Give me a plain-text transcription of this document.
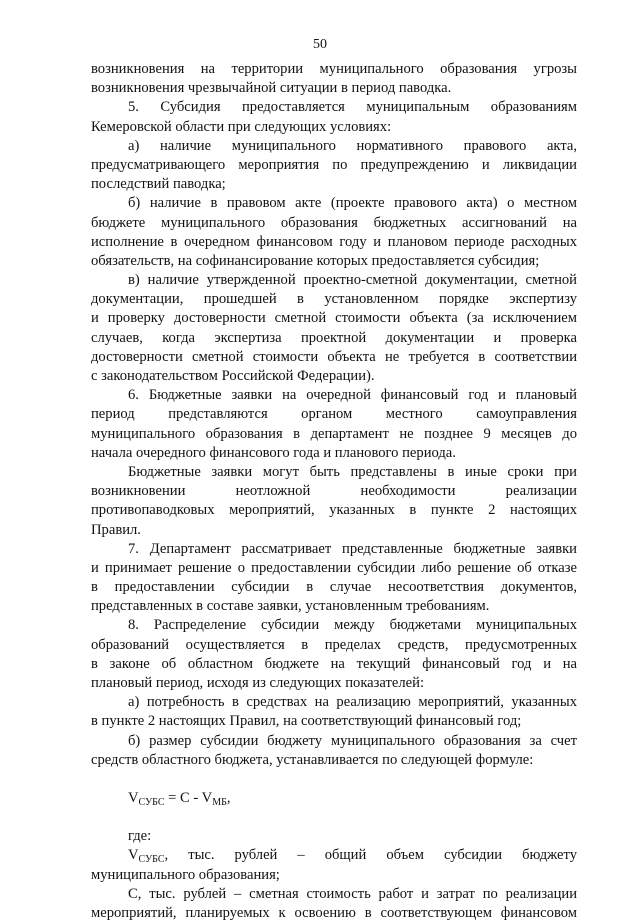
50
возникновения на территории муниципального образования угрозы
возникновения чрезвычайной ситуации в период паводка.
5. Субсидия предоставляется муниципальным образованиям
Кемеровской области при следующих условиях:
а) наличие муниципального нормативного правового акта,
предусматривающего мероприятия по предупреждению и ликвидации
последствий паводка;
б) наличие в правовом акте (проекте правового акта) о местном
бюджете муниципального образования бюджетных ассигнований на
исполнение в очередном финансовом году и плановом периоде расходных
обязательств, на софинансирование которых предоставляется субсидия;
в) наличие утвержденной проектно-сметной документации, сметной
документации, прошедшей в установленном порядке экспертизу
и проверку достоверности сметной стоимости объекта (за исключением
случаев, когда экспертиза проектной документации и проверка
достоверности сметной стоимости объекта не требуется в соответствии
с законодательством Российской Федерации).
6. Бюджетные заявки на очередной финансовый год и плановый
период представляются органом местного самоуправления
муниципального образования в департамент не позднее 9 месяцев до
начала очередного финансового года и планового периода.
Бюджетные заявки могут быть представлены в иные сроки при
возникновении неотложной необходимости реализации
противопаводковых мероприятий, указанных в пункте 2 настоящих
Правил.
7. Департамент рассматривает представленные бюджетные заявки
и принимает решение о предоставлении субсидии либо решение об отказе
в предоставлении субсидии в случае несоответствия документов,
представленных в составе заявки, установленным требованиям.
8. Распределение субсидии между бюджетами муниципальных
образований осуществляется в пределах средств, предусмотренных
в законе об областном бюджете на текущий финансовый год и на
плановый период, исходя из следующих показателей:
а) потребность в средствах на реализацию мероприятий, указанных
в пункте 2 настоящих Правил, на соответствующий финансовый год;
б) размер субсидии бюджету муниципального образования за счет
средств областного бюджета, устанавливается по следующей формуле:
$V_{СУБС} = C - V_{МБ}$,
где:
$V_{СУБС}$, тыс. рублей – общий объем субсидии бюджету
муниципального образования;
С, тыс. рублей – сметная стоимость работ и затрат по реализации
мероприятий, планируемых к освоению в соответствующем финансовом
